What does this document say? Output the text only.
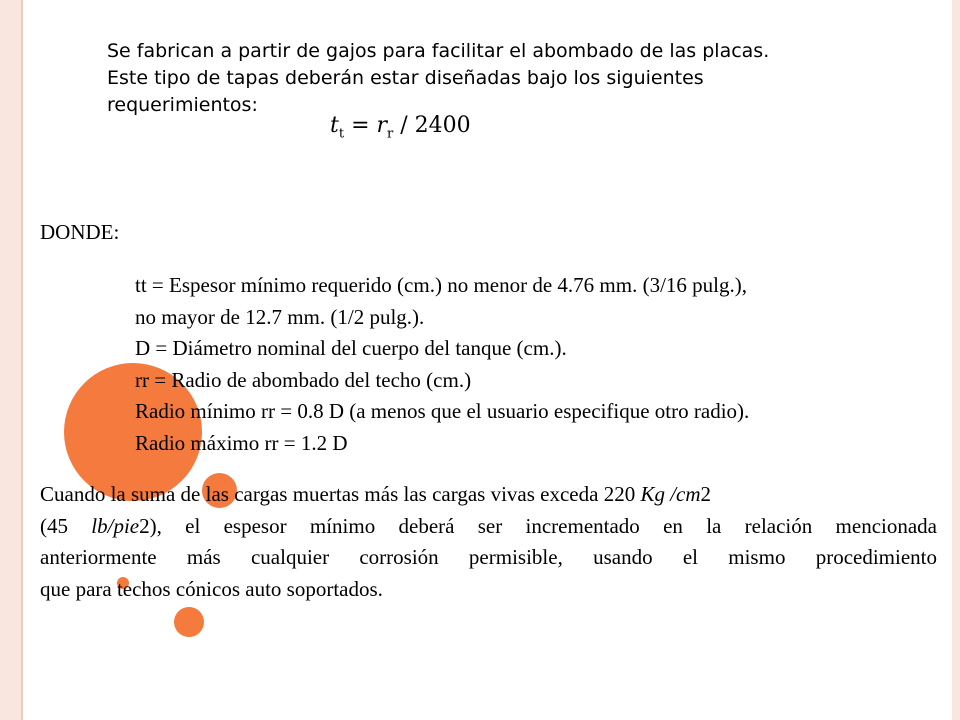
Se fabrican a partir de gajos para facilitar el abombado de las placas.
Este tipo de tapas deberán estar diseñadas bajo los siguientes
requerimientos:
$t_t = r_r / 2400$
DONDE:
tt = Espesor mínimo requerido (cm.) no menor de 4.76 mm. (3/16 pulg.),
no mayor de 12.7 mm. (1/2 pulg.).
D = Diámetro nominal del cuerpo del tanque (cm.).
rr = Radio de abombado del techo (cm.)
Radio mínimo rr = 0.8 D (a menos que el usuario especifique otro radio).
Radio máximo rr = 1.2 D
Cuando la suma de las cargas muertas más las cargas vivas exceda 220 Kg /cm2
(45 lb/pie2), el espesor mínimo deberá ser incrementado en la relación mencionada
anteriormente más cualquier corrosión permisible, usando el mismo procedimiento
que para techos cónicos auto soportados.
